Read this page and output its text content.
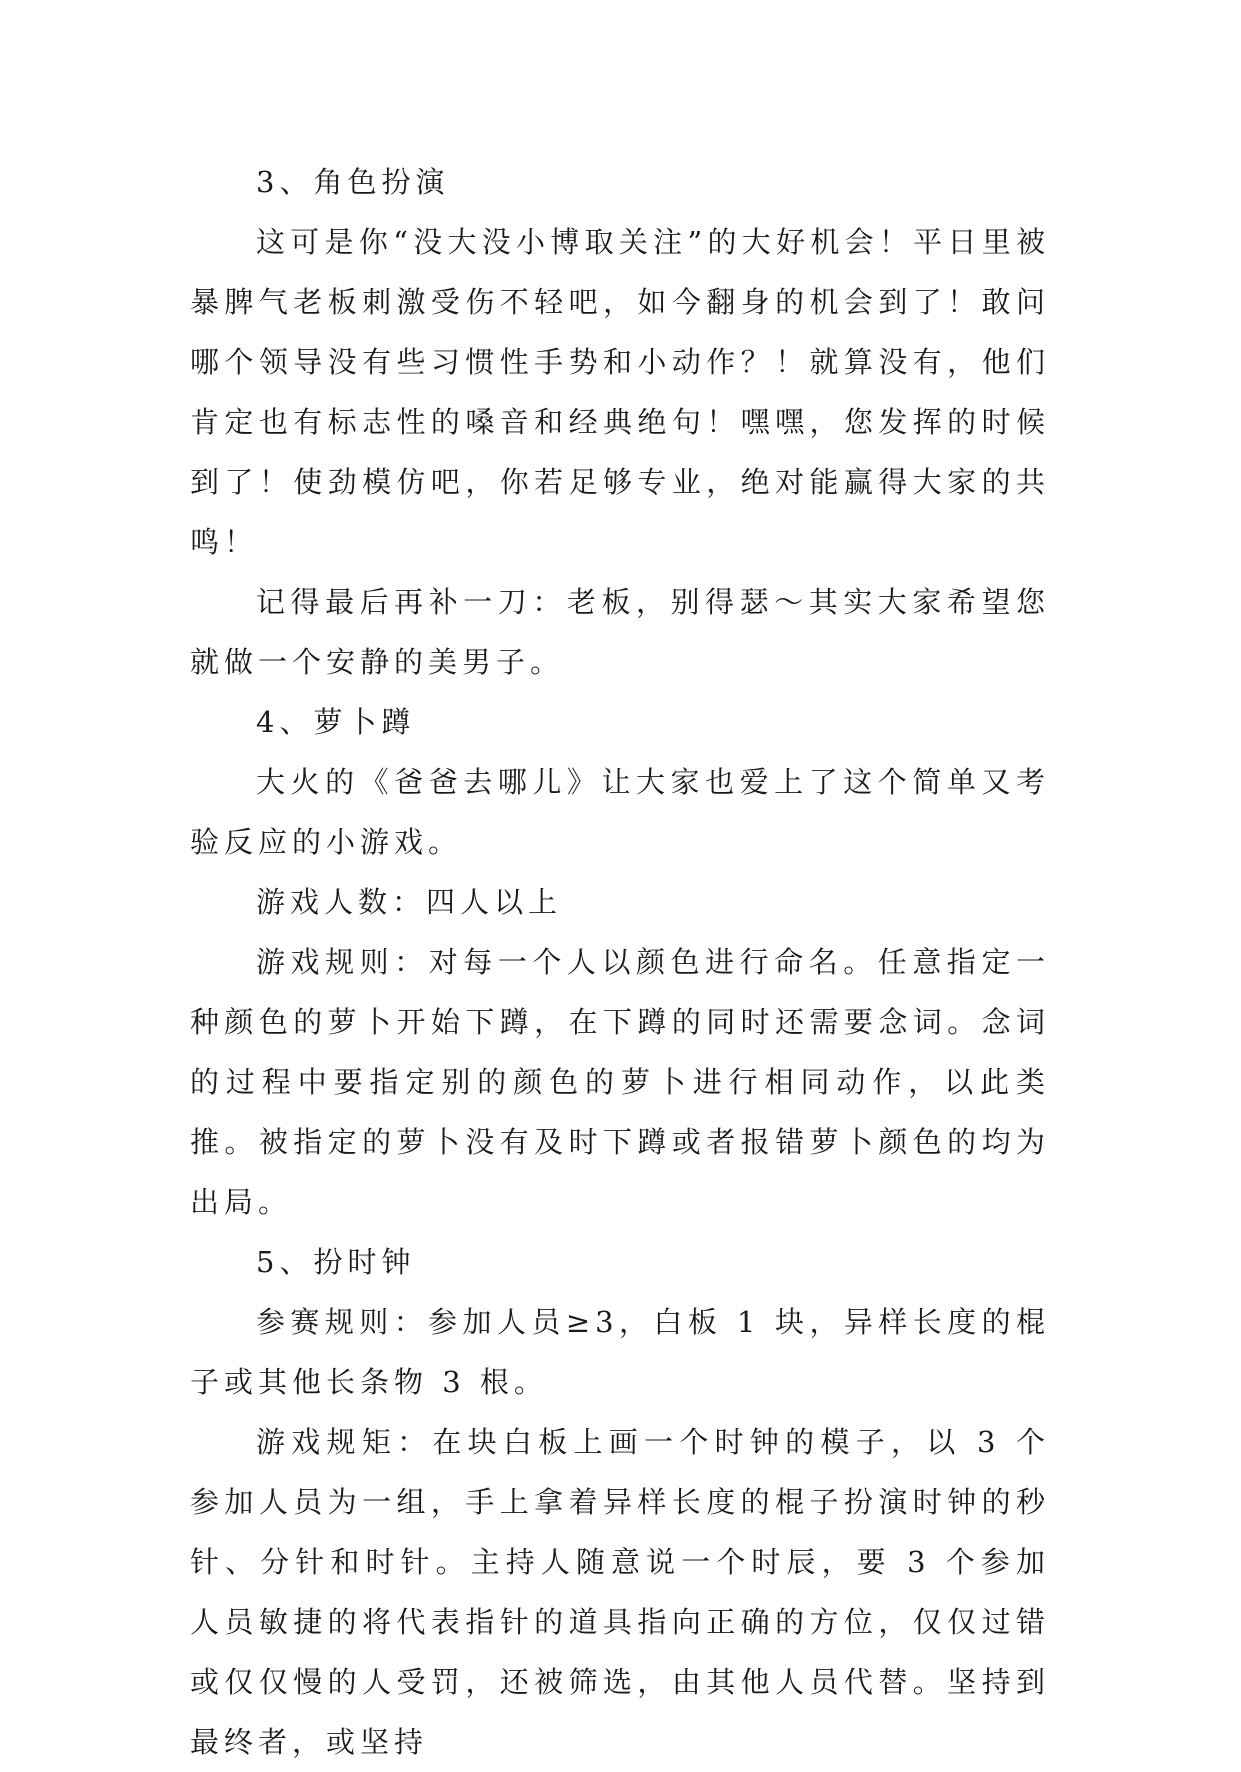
3、角色扮演

这可是你“没大没小博取关注”的大好机会！平日里被暴脾气老板刺激受伤不轻吧，如今翻身的机会到了！敢问哪个领导没有些习惯性手势和小动作？！就算没有，他们肯定也有标志性的嗓音和经典绝句！嘿嘿，您发挥的时候到了！使劲模仿吧，你若足够专业，绝对能赢得大家的共鸣！

记得最后再补一刀：老板，别得瑟～其实大家希望您就做一个安静的美男子。

4、萝卜蹲

大火的《爸爸去哪儿》让大家也爱上了这个简单又考验反应的小游戏。

游戏人数：四人以上

游戏规则：对每一个人以颜色进行命名。任意指定一种颜色的萝卜开始下蹲，在下蹲的同时还需要念词。念词的过程中要指定别的颜色的萝卜进行相同动作，以此类推。被指定的萝卜没有及时下蹲或者报错萝卜颜色的均为出局。

5、扮时钟

参赛规则：参加人员≥3，白板 1 块，异样长度的棍子或其他长条物 3 根。

游戏规矩：在块白板上画一个时钟的模子，以 3 个参加人员为一组，手上拿着异样长度的棍子扮演时钟的秒针、分针和时针。主持人随意说一个时辰，要 3 个参加人员敏捷的将代表指针的道具指向正确的方位，仅仅过错或仅仅慢的人受罚，还被筛选，由其他人员代替。坚持到最终者，或坚持
